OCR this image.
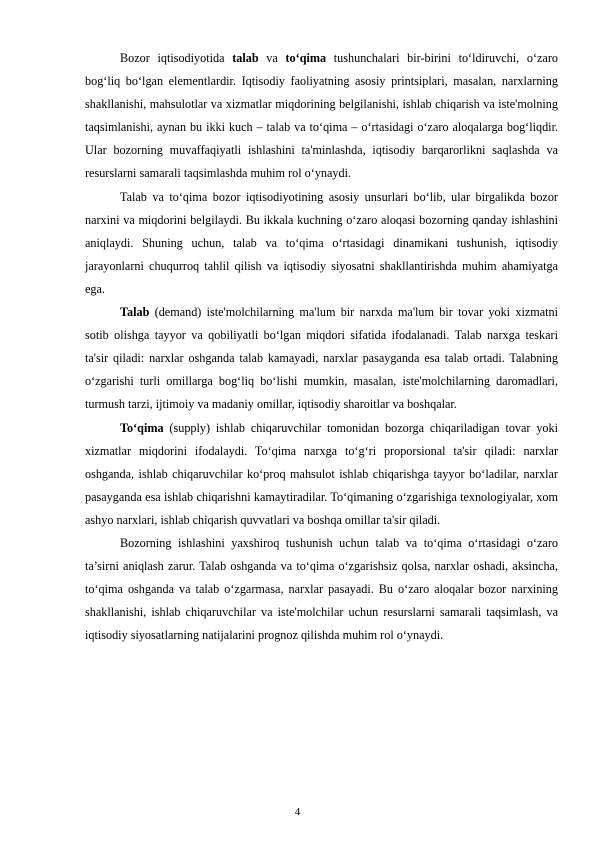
Bozor iqtisodiyotida talab va to‘qima tushunchalari bir-birini to‘ldiruvchi, o‘zaro bog‘liq bo‘lgan elementlardir. Iqtisodiy faoliyatning asosiy printsiplari, masalan, narxlarning shakllanishi, mahsulotlar va xizmatlar miqdorining belgilanishi, ishlab chiqarish va iste'molning taqsimlanishi, aynan bu ikki kuch – talab va to‘qima – o‘rtasidagi o‘zaro aloqalarga bog‘liqdir. Ular bozorning muvaffaqiyatli ishlashini ta'minlashda, iqtisodiy barqarorlikni saqlashda va resurslarni samarali taqsimlashda muhim rol o‘ynaydi.

Talab va to‘qima bozor iqtisodiyotining asosiy unsurlari bo‘lib, ular birgalikda bozor narxini va miqdorini belgilaydi. Bu ikkala kuchning o‘zaro aloqasi bozorning qanday ishlashini aniqlaydi. Shuning uchun, talab va to‘qima o‘rtasidagi dinamikani tushunish, iqtisodiy jarayonlarni chuqurroq tahlil qilish va iqtisodiy siyosatni shakllantirishda muhim ahamiyatga ega.

Talab (demand) iste'molchilarning ma'lum bir narxda ma'lum bir tovar yoki xizmatni sotib olishga tayyor va qobiliyatli bo‘lgan miqdori sifatida ifodalanadi. Talab narxga teskari ta'sir qiladi: narxlar oshganda talab kamayadi, narxlar pasayganda esa talab ortadi. Talabning o‘zgarishi turli omillarga bog‘liq bo‘lishi mumkin, masalan, iste'molchilarning daromadlari, turmush tarzi, ijtimoiy va madaniy omillar, iqtisodiy sharoitlar va boshqalar.

To‘qima (supply) ishlab chiqaruvchilar tomonidan bozorga chiqariladigan tovar yoki xizmatlar miqdorini ifodalaydi. To‘qima narxga to‘g‘ri proporsional ta'sir qiladi: narxlar oshganda, ishlab chiqaruvchilar ko‘proq mahsulot ishlab chiqarishga tayyor bo‘ladilar, narxlar pasayganda esa ishlab chiqarishni kamaytiradilar. To‘qimaning o‘zgarishiga texnologiyalar, xom ashyo narxlari, ishlab chiqarish quvvatlari va boshqa omillar ta'sir qiladi.

Bozorning ishlashini yaxshiroq tushunish uchun talab va to‘qima o‘rtasidagi o‘zaro ta’sirni aniqlash zarur. Talab oshganda va to‘qima o‘zgarishsiz qolsa, narxlar oshadi, aksincha, to‘qima oshganda va talab o‘zgarmasa, narxlar pasayadi. Bu o‘zaro aloqalar bozor narxining shakllanishi, ishlab chiqaruvchilar va iste'molchilar uchun resurslarni samarali taqsimlash, va iqtisodiy siyosatlarning natijalarini prognoz qilishda muhim rol o‘ynaydi.

4
